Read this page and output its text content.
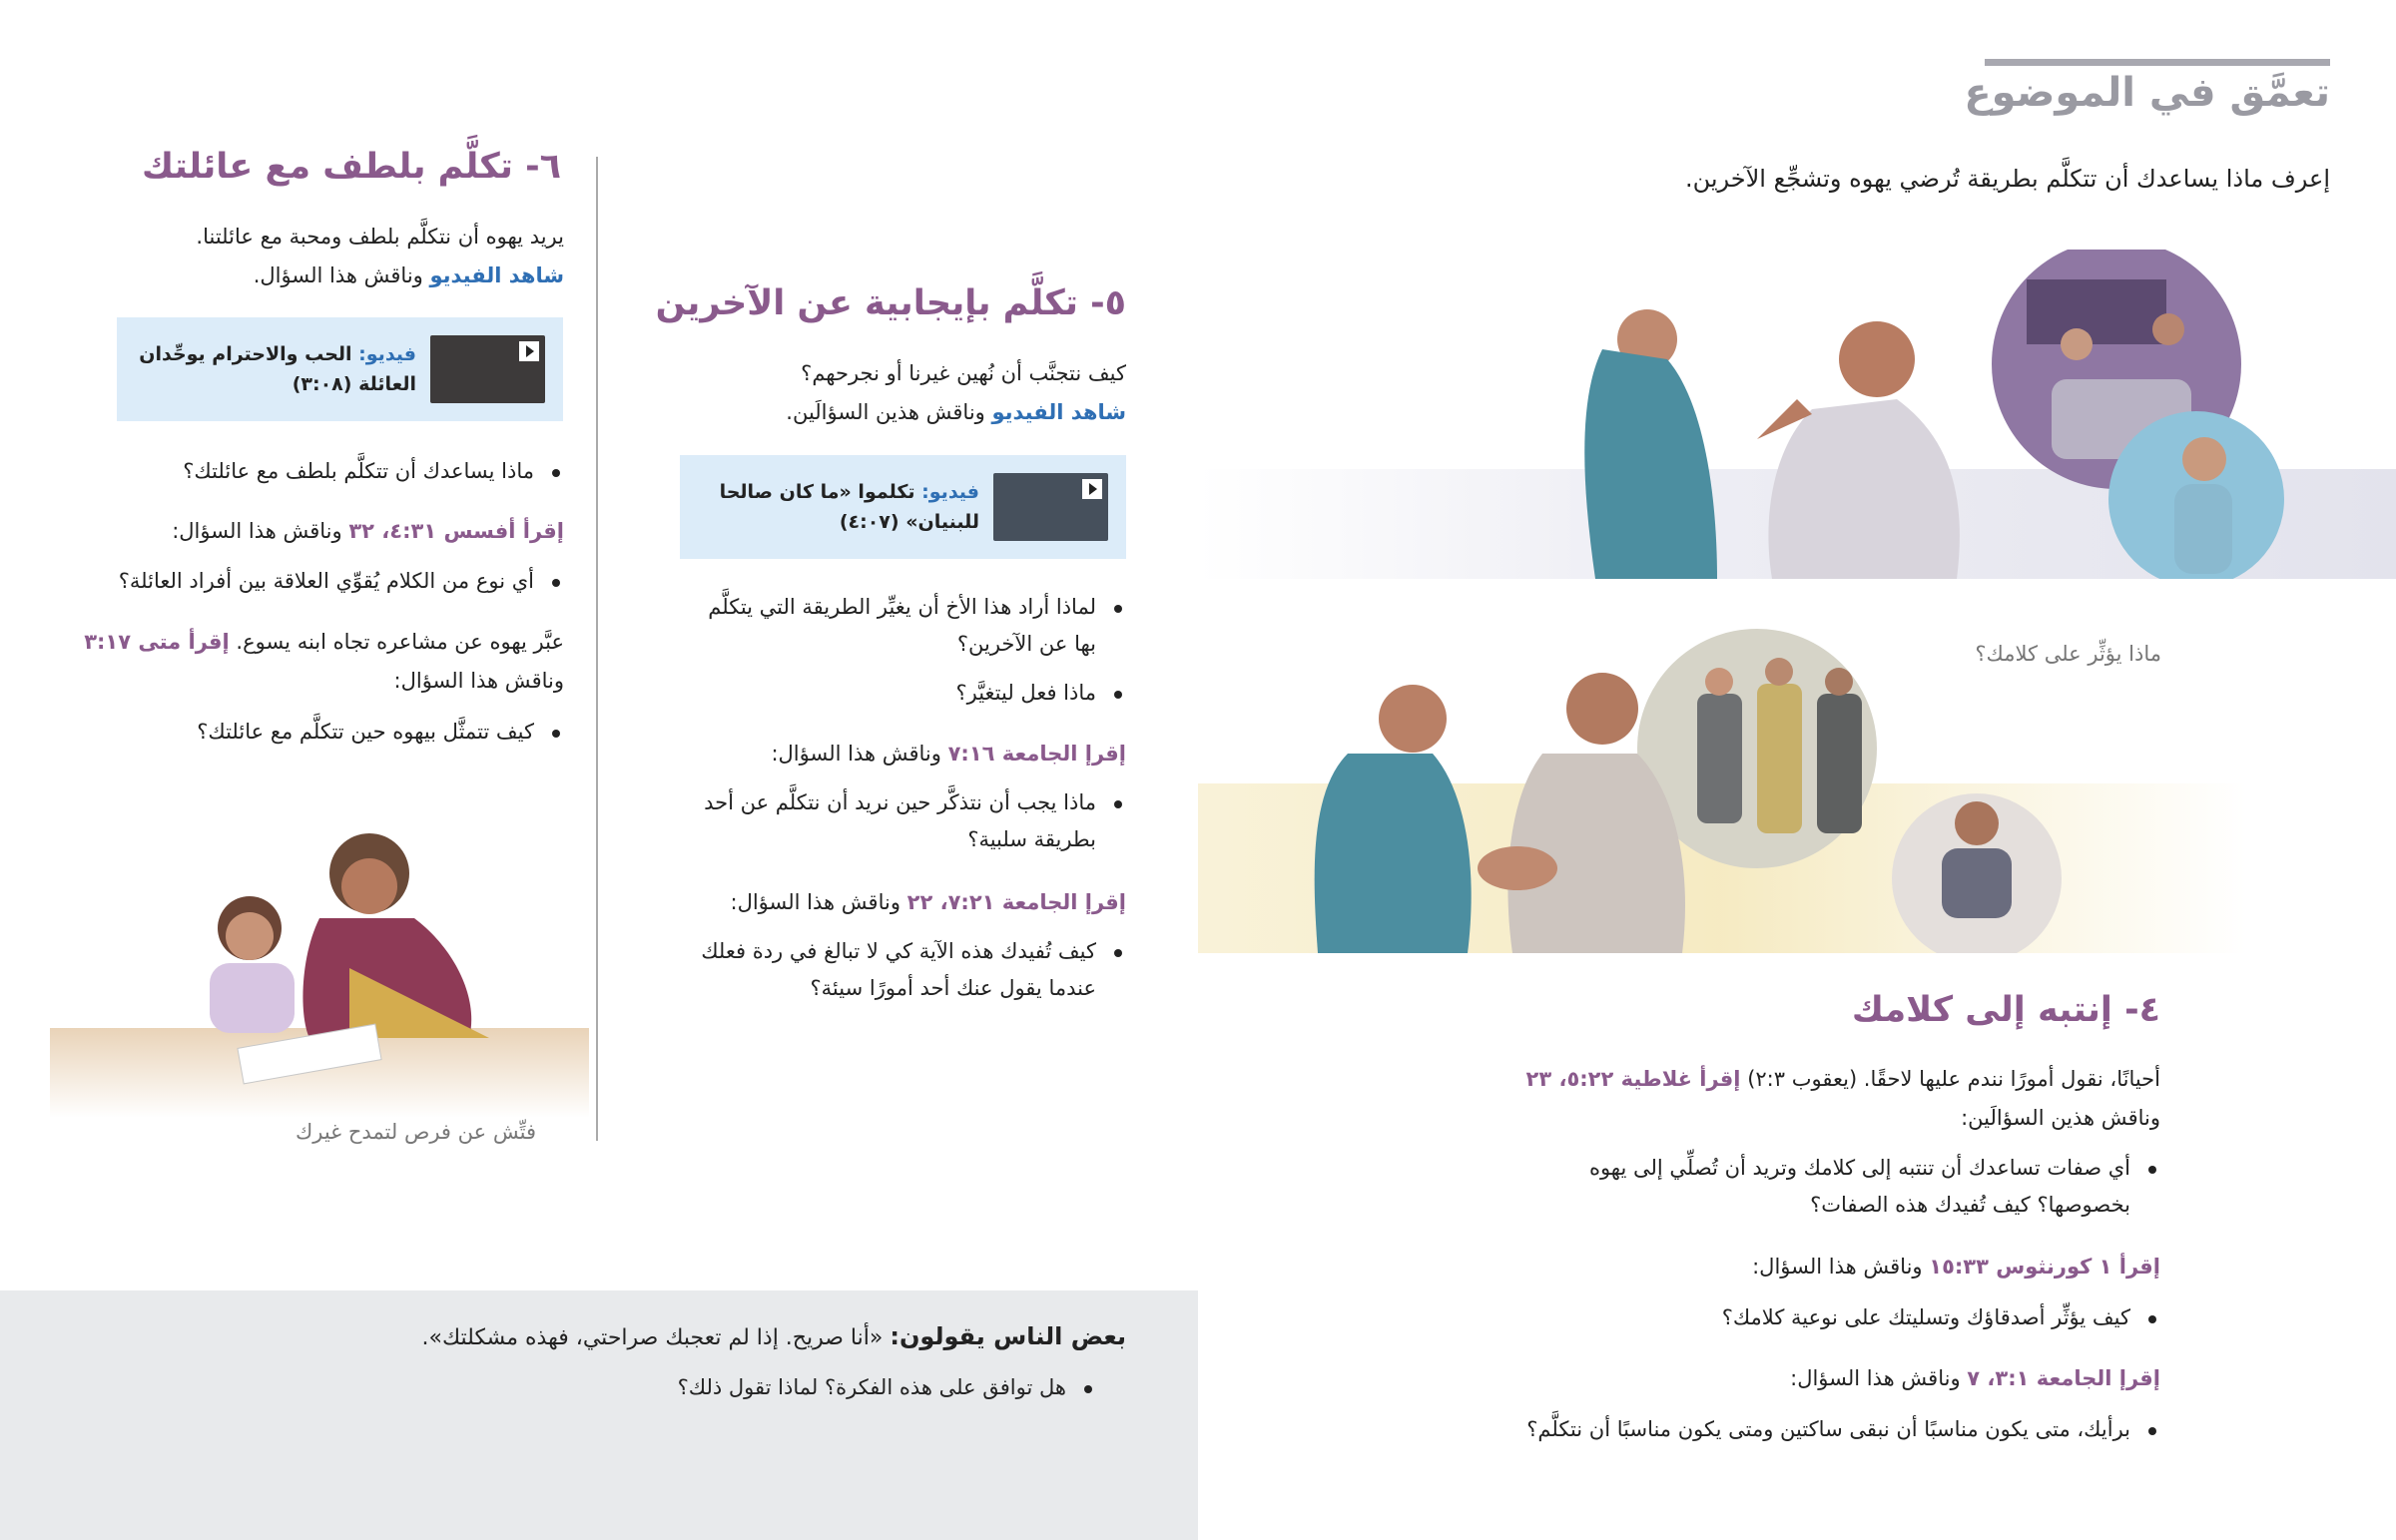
تعمَّق في الموضوع
إعرف ماذا يساعدك أن تتكلَّم بطريقة تُرضي يهوه وتشجِّع الآخرين.
ماذا يؤثِّر على كلامك؟
٤- إنتبه إلى كلامك
أحيانًا، نقول أمورًا نندم عليها لاحقًا. (يعقوب ٢:٣) إقرأ غلاطية ٥:٢٢، ٢٣
وناقش هذين السؤالَين:
أي صفات تساعدك أن تنتبه إلى كلامك وتريد أن تُصلِّي إلى يهوه بخصوصها؟ كيف تُفيدك هذه الصفات؟
إقرأ ١ كورنثوس ١٥:٣٣ وناقش هذا السؤال:
كيف يؤثِّر أصدقاؤك وتسليتك على نوعية كلامك؟
إقرإ الجامعة ٣:١، ٧ وناقش هذا السؤال:
برأيك، متى يكون مناسبًا أن نبقى ساكتين ومتى يكون مناسبًا أن نتكلَّم؟
٥- تكلَّم بإيجابية عن الآخرين
كيف نتجنَّب أن نُهين غيرنا أو نجرحهم؟
شاهد الفيديو وناقش هذين السؤالَين.
فيديو: تكلموا «ما كان صالحا للبنيان» (٤:٠٧)
لماذا أراد هذا الأخ أن يغيِّر الطريقة التي يتكلَّم بها عن الآخرين؟
ماذا فعل ليتغيَّر؟
إقرإ الجامعة ٧:١٦ وناقش هذا السؤال:
ماذا يجب أن نتذكَّر حين نريد أن نتكلَّم عن أحد بطريقة سلبية؟
إقرإ الجامعة ٧:٢١، ٢٢ وناقش هذا السؤال:
كيف تُفيدك هذه الآية كي لا تبالغ في ردة فعلك عندما يقول عنك أحد أمورًا سيئة؟
٦- تكلَّم بلطف مع عائلتك
يريد يهوه أن نتكلَّم بلطف ومحبة مع عائلتنا.
شاهد الفيديو وناقش هذا السؤال.
فيديو: الحب والاحترام يوحِّدان العائلة (٣:٠٨)
ماذا يساعدك أن تتكلَّم بلطف مع عائلتك؟
إقرأ أفسس ٤:٣١، ٣٢ وناقش هذا السؤال:
أي نوع من الكلام يُقوِّي العلاقة بين أفراد العائلة؟
عبَّر يهوه عن مشاعره تجاه ابنه يسوع. إقرأ متى ٣:١٧
وناقش هذا السؤال:
كيف تتمثَّل بيهوه حين تتكلَّم مع عائلتك؟
فتِّش عن فرص لتمدح غيرك
بعض الناس يقولون: «أنا صريح. إذا لم تعجبك صراحتي، فهذه مشكلتك».
هل توافق على هذه الفكرة؟ لماذا تقول ذلك؟
